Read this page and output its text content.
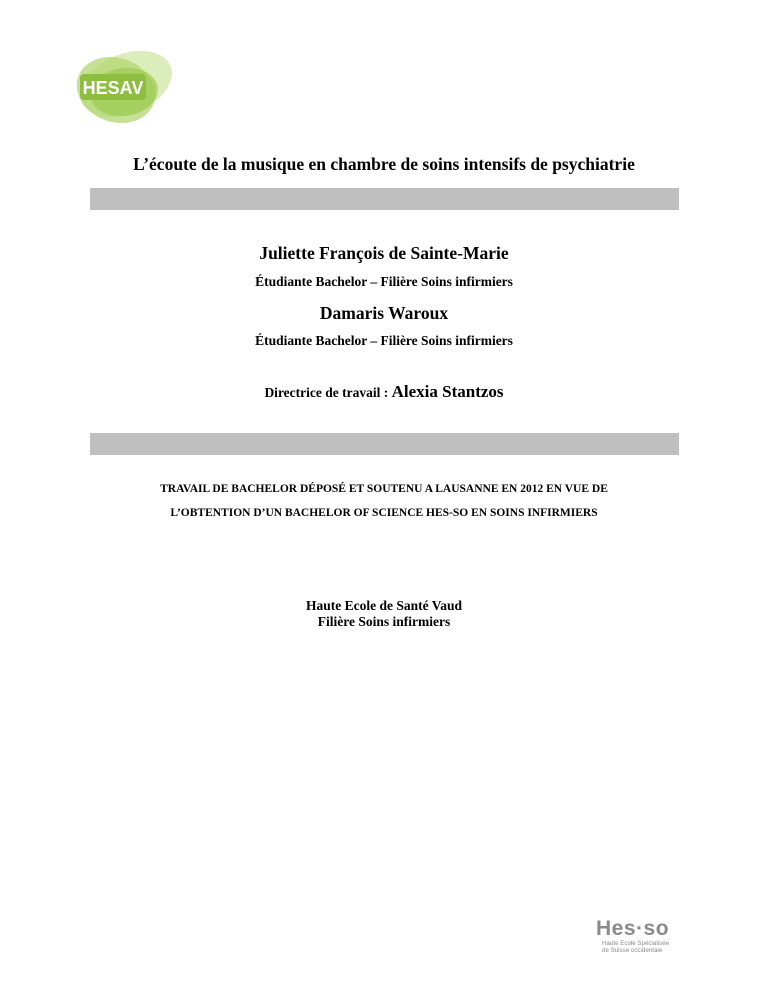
HESAV
L’écoute de la musique en chambre de soins intensifs de psychiatrie
Juliette François de Sainte-Marie
Étudiante Bachelor – Filière Soins infirmiers
Damaris Waroux
Étudiante Bachelor – Filière Soins infirmiers
Directrice de travail : Alexia Stantzos
TRAVAIL DE BACHELOR DÉPOSÉ ET SOUTENU A LAUSANNE EN 2012 EN VUE DE
L’OBTENTION D’UN BACHELOR OF SCIENCE HES-SO EN SOINS INFIRMIERS
Haute Ecole de Santé Vaud
Filière Soins infirmiers
Hes·so
Haute Ecole Spécialisée
de Suisse occidentale
